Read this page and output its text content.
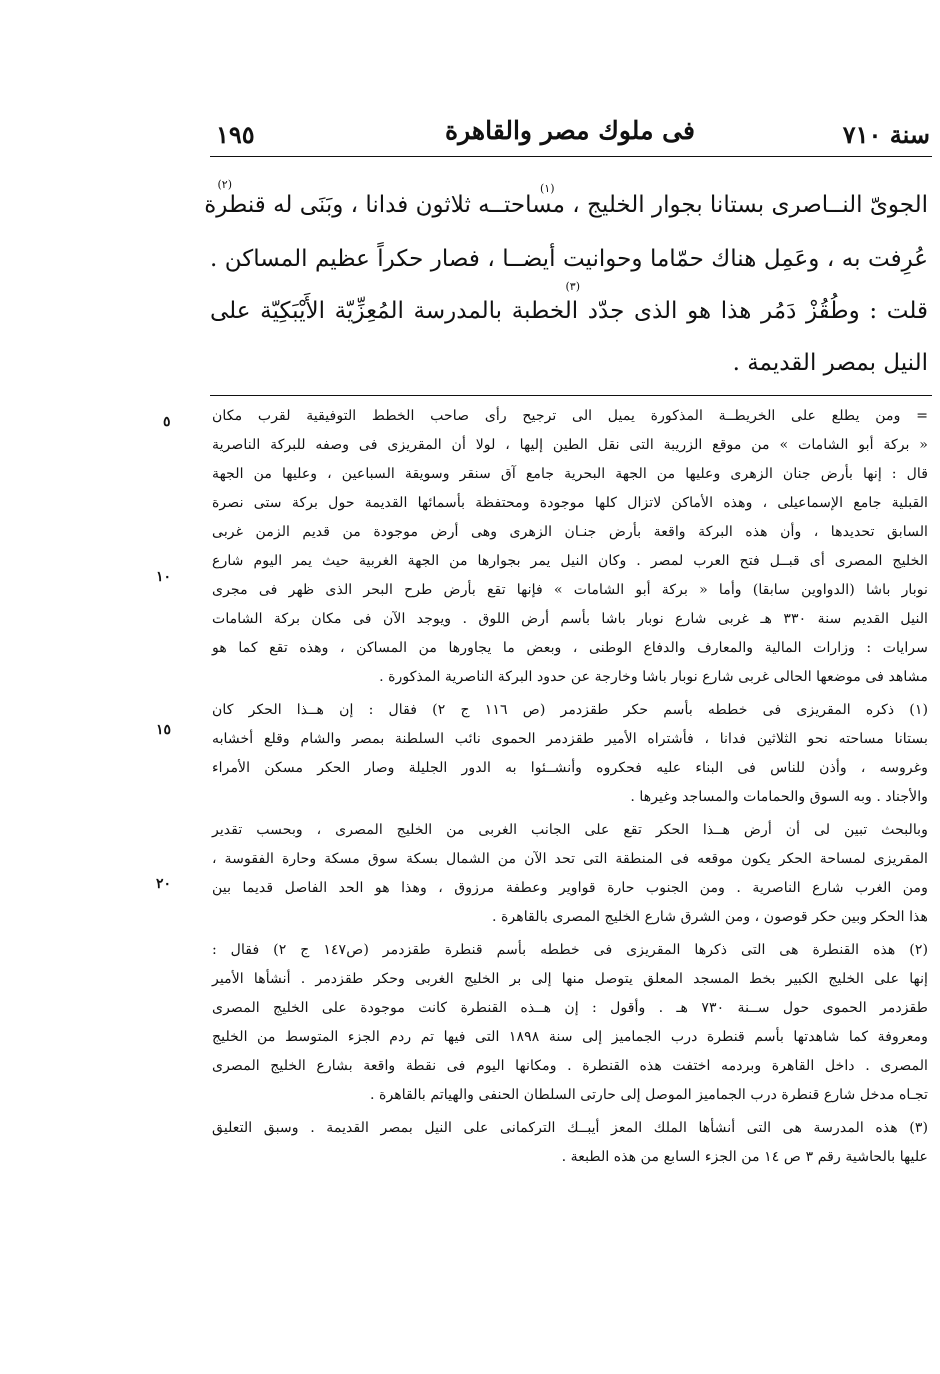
سنة ٧١٠
فى ملوك مصر والقاهرة
١٩٥
(١)
(٢)
(٣)
الجوىّ النــاصرى بستانا بجوار الخليج ، مساحتــه ثلاثون فدانا ، وبَنَى له قنطرة
عُرِفت به ، وعَمِل هناك حمّاما وحوانيت أيضــا ، فصار حكراً عظيم المساكن .
قلت : وطُقُزْ دَمُر هذا هو الذى جدّد الخطبة بالمدرسة المُعِزِّيّة الأَيْبَكِيّة على
النيل بمصر القديمة .
= ومن يطلع على الخريطــة المذكورة يميل الى ترجيح رأى صاحب الخطط التوفيقية لقرب مكان
« بركة أبو الشامات » من موقع الزريبة التى نقل الطين إليها ، لولا أن المقريزى فى وصفه للبركة الناصرية
قال : إنها بأرض جنان الزهرى وعليها من الجهة البحرية جامع آق سنقر وسويقة السباعين ، وعليها من الجهة
القبلية جامع الإسماعيلى ، وهذه الأماكن لاتزال كلها موجودة ومحتفظة بأسمائها القديمة حول بركة ستى نصرة
السابق تحديدها ، وأن هذه البركة واقعة بأرض جنـان الزهرى وهى أرض موجودة من قديم الزمن غربى
الخليج المصرى أى قبــل فتح العرب لمصر . وكان النيل يمر بجوارها من الجهة الغربية حيث يمر اليوم شارع
نوبار باشا (الدواوين سابقا) وأما « بركة أبو الشامات » فإنها تقع بأرض طرح البحر الذى ظهر فى مجرى
النيل القديم سنة ٣٣٠ هـ غربى شارع نوبار باشا بأسم أرض اللوق . ويوجد الآن فى مكان بركة الشامات
سرايات : وزارات المالية والمعارف والدفاع الوطنى ، وبعض ما يجاورها من المساكن ، وهذه تقع كما هو
مشاهد فى موضعها الحالى غربى شارع نوبار باشا وخارجة عن حدود البركة الناصرية المذكورة .
(١) ذكره المقريزى فى خططه بأسم حكر طقزدمر (ص ١١٦ ج ٢) فقال : إن هــذا الحكر كان
بستانا مساحته نحو الثلاثين فدانا ، فأشتراه الأمير طقزدمر الحموى نائب السلطنة بمصر والشام وقلع أخشابه
وغروسه ، وأذن للناس فى البناء عليه فحكروه وأنشــئوا به الدور الجليلة وصار الحكر مسكن الأمراء
والأجناد . وبه السوق والحمامات والمساجد وغيرها .
وبالبحث تبين لى أن أرض هــذا الحكر تقع على الجانب الغربى من الخليج المصرى ، وبحسب تقدير
المقريزى لمساحة الحكر يكون موقعه فى المنطقة التى تحد الآن من الشمال بسكة سوق مسكة وحارة الفقوسة ،
ومن الغرب شارع الناصرية . ومن الجنوب حارة قواوير وعطفة مرزوق ، وهذا هو الحد الفاصل قديما بين
هذا الحكر وبين حكر قوصون ، ومن الشرق شارع الخليج المصرى بالقاهرة .
(٢) هذه القنطرة هى التى ذكرها المقريزى فى خططه بأسم قنطرة طقزدمر (ص١٤٧ ج ٢) فقال :
إنها على الخليج الكبير بخط المسجد المعلق يتوصل منها إلى بر الخليج الغربى وحكر طقزدمر . أنشأها الأمير
طقزدمر الحموى حول ســنة ٧٣٠ هـ . وأقول : إن هــذه القنطرة كانت موجودة على الخليج المصرى
ومعروفة كما شاهدتها بأسم قنطرة درب الجماميز إلى سنة ١٨٩٨ التى فيها تم ردم الجزء المتوسط من الخليج
المصرى . داخل القاهرة وبردمه اختفت هذه القنطرة . ومكانها اليوم فى نقطة واقعة بشارع الخليج المصرى
تجـاه مدخل شارع قنطرة درب الجماميز الموصل إلى حارتى السلطان الحنفى والهياتم بالقاهرة .
(٣) هذه المدرسة هى التى أنشأها الملك المعز أيبــك التركمانى على النيل بمصر القديمة . وسبق التعليق
عليها بالحاشية رقم ٣ ص ١٤ من الجزء السابع من هذه الطبعة .
٥
١٠
١٥
٢٠
